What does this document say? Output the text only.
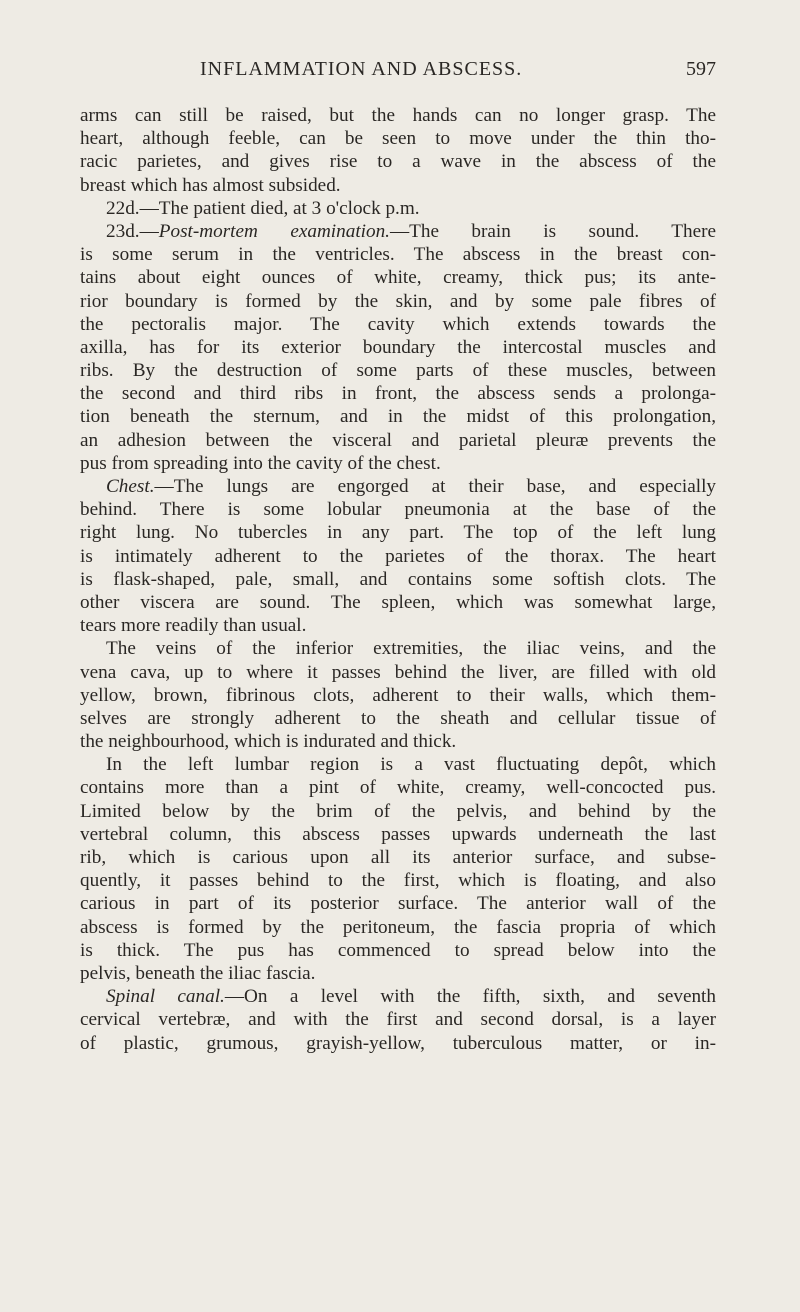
INFLAMMATION AND ABSCESS.	597
arms can still be raised, but the hands can no longer grasp. The
heart, although feeble, can be seen to move under the thin tho-
racic parietes, and gives rise to a wave in the abscess of the
breast which has almost subsided.
22d.—The patient died, at 3 o'clock p.m.
23d.—Post-mortem examination.—The brain is sound. There
is some serum in the ventricles. The abscess in the breast con-
tains about eight ounces of white, creamy, thick pus; its ante-
rior boundary is formed by the skin, and by some pale fibres of
the pectoralis major. The cavity which extends towards the
axilla, has for its exterior boundary the intercostal muscles and
ribs. By the destruction of some parts of these muscles, between
the second and third ribs in front, the abscess sends a prolonga-
tion beneath the sternum, and in the midst of this prolongation,
an adhesion between the visceral and parietal pleuræ prevents the
pus from spreading into the cavity of the chest.
Chest.—The lungs are engorged at their base, and especially
behind. There is some lobular pneumonia at the base of the
right lung. No tubercles in any part. The top of the left lung
is intimately adherent to the parietes of the thorax. The heart
is flask-shaped, pale, small, and contains some softish clots. The
other viscera are sound. The spleen, which was somewhat large,
tears more readily than usual.
The veins of the inferior extremities, the iliac veins, and the
vena cava, up to where it passes behind the liver, are filled with old
yellow, brown, fibrinous clots, adherent to their walls, which them-
selves are strongly adherent to the sheath and cellular tissue of
the neighbourhood, which is indurated and thick.
In the left lumbar region is a vast fluctuating depôt, which
contains more than a pint of white, creamy, well-concocted pus.
Limited below by the brim of the pelvis, and behind by the
vertebral column, this abscess passes upwards underneath the last
rib, which is carious upon all its anterior surface, and subse-
quently, it passes behind to the first, which is floating, and also
carious in part of its posterior surface. The anterior wall of the
abscess is formed by the peritoneum, the fascia propria of which
is thick. The pus has commenced to spread below into the
pelvis, beneath the iliac fascia.
Spinal canal.—On a level with the fifth, sixth, and seventh
cervical vertebræ, and with the first and second dorsal, is a layer
of plastic, grumous, grayish-yellow, tuberculous matter, or in-
